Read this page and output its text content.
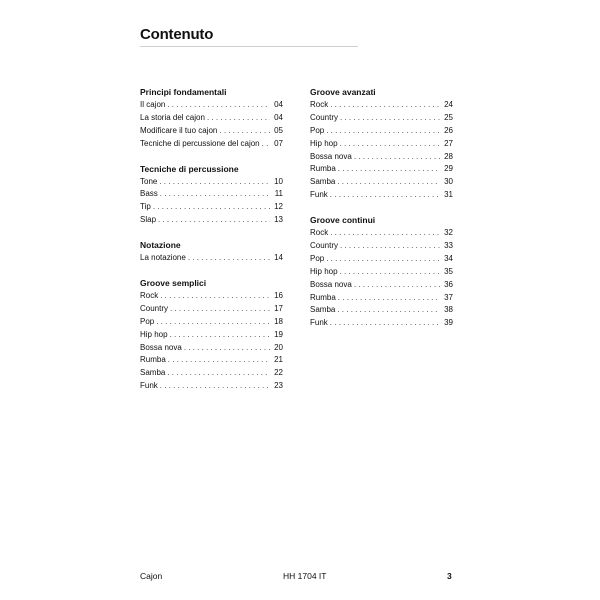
Contenuto
Principi fondamentali
Il cajon . . .	04
La storia del cajon . . .	04
Modificare il tuo cajon . . .	05
Tecniche di percussione del cajon . . . 07
Tecniche di percussione
Tone . . .	10
Bass . . .	11
Tip . . .	12
Slap . . .	13
Notazione
La notazione . . .	14
Groove semplici
Rock . . .	16
Country . . .	17
Pop . . .	18
Hip hop . . .	19
Bossa nova . . .	20
Rumba . . .	21
Samba . . .	22
Funk . . .	23
Groove avanzati
Rock . . .	24
Country . . .	25
Pop . . .	26
Hip hop . . .	27
Bossa nova . . .	28
Rumba . . .	29
Samba . . .	30
Funk . . .	31
Groove continui
Rock . . .	32
Country . . .	33
Pop . . .	34
Hip hop . . .	35
Bossa nova . . .	36
Rumba . . .	37
Samba . . .	38
Funk . . .	39
Cajon	HH 1704 IT	3
